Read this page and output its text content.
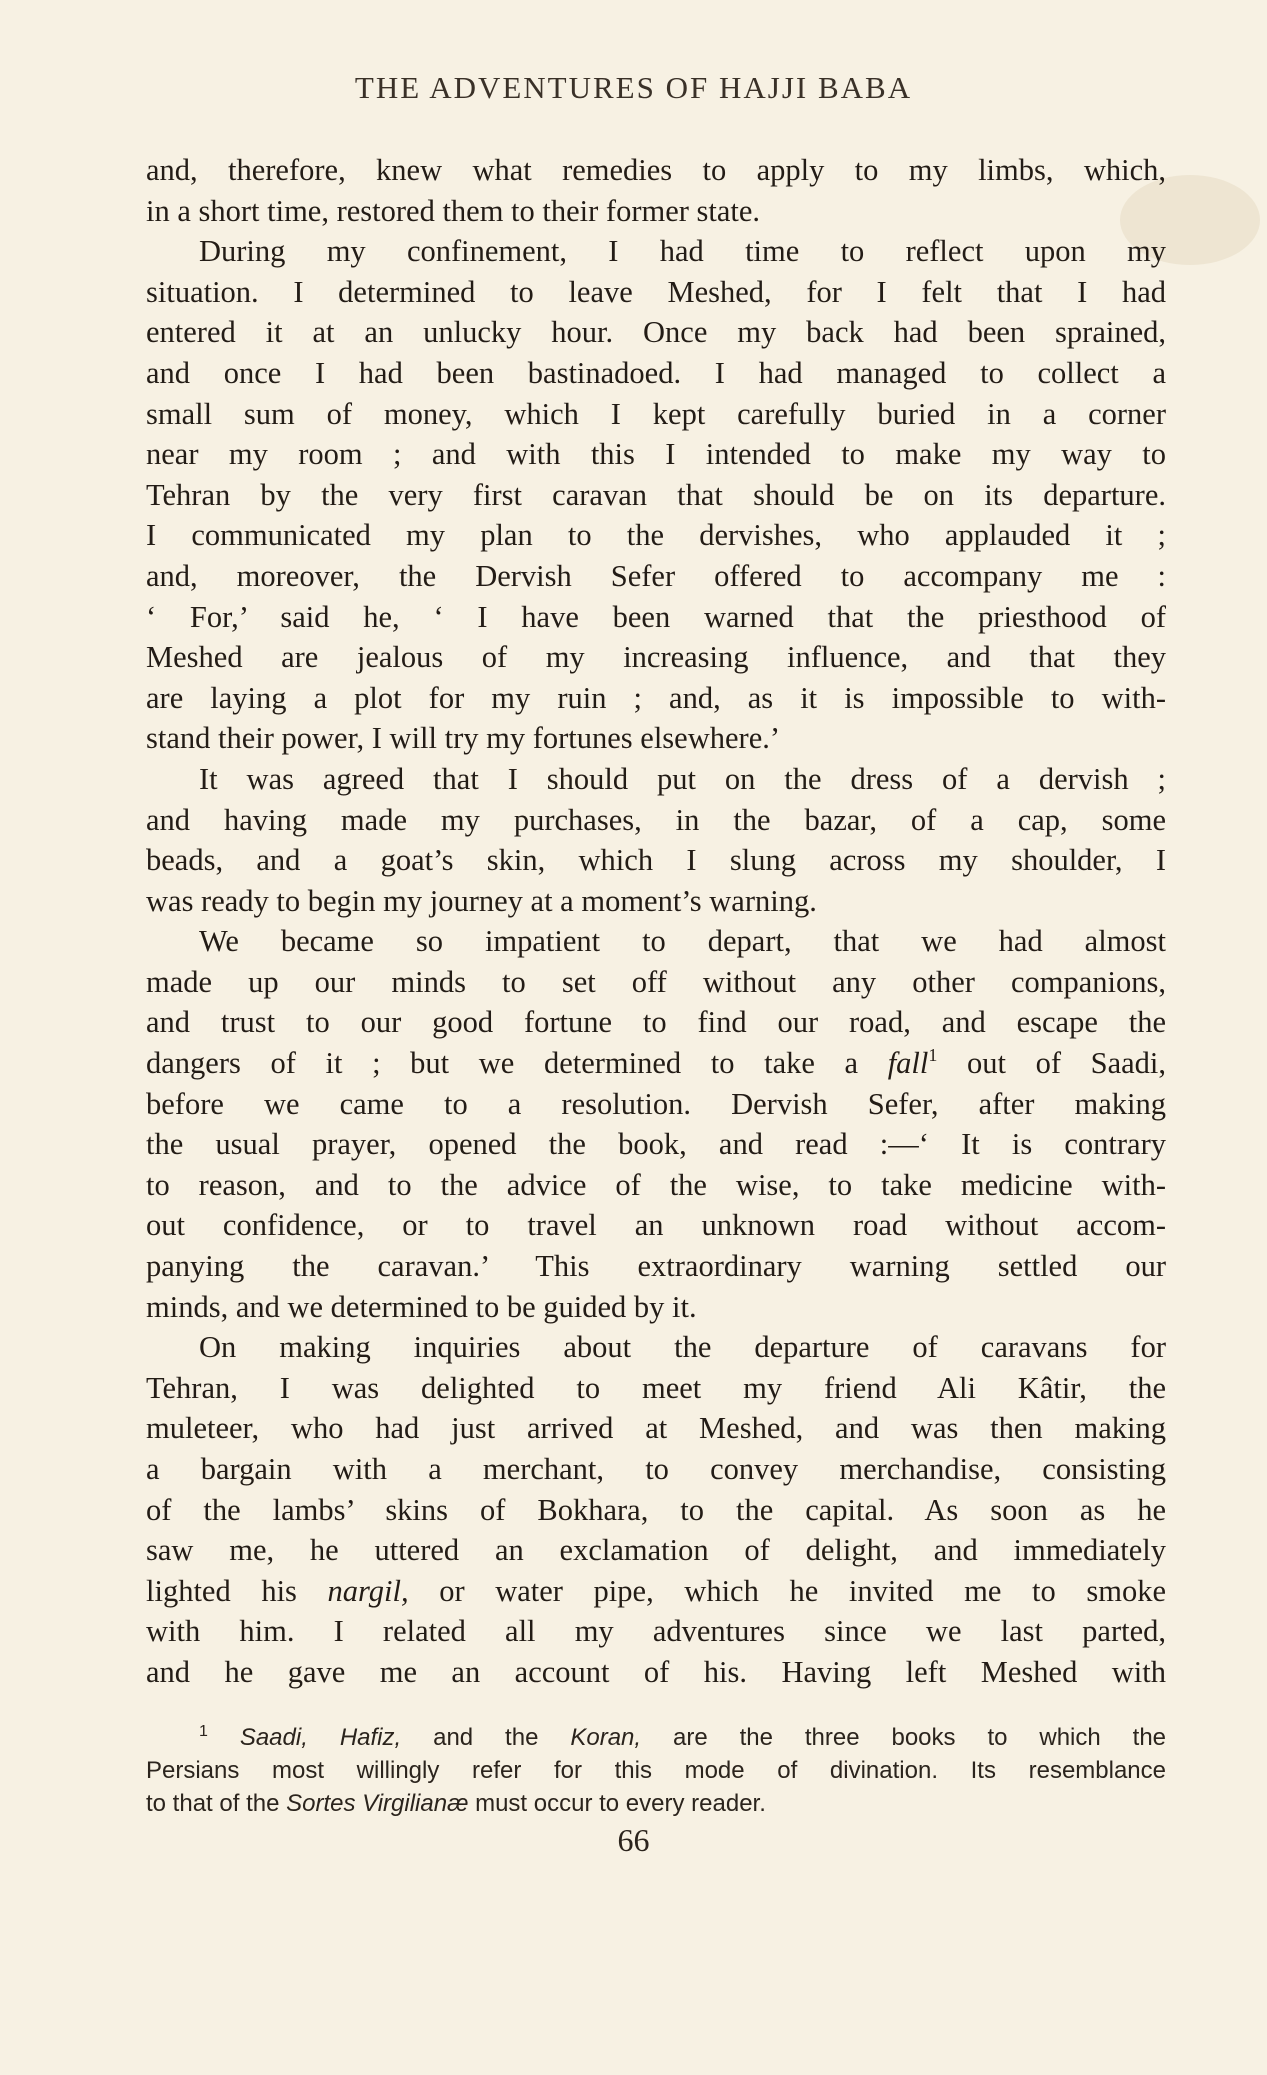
THE ADVENTURES OF HAJJI BABA
and, therefore, knew what remedies to apply to my limbs, which,
in a short time, restored them to their former state.
During my confinement, I had time to reflect upon my
situation. I determined to leave Meshed, for I felt that I had
entered it at an unlucky hour. Once my back had been sprained,
and once I had been bastinadoed. I had managed to collect a
small sum of money, which I kept carefully buried in a corner
near my room ; and with this I intended to make my way to
Tehran by the very first caravan that should be on its departure.
I communicated my plan to the dervishes, who applauded it ;
and, moreover, the Dervish Sefer offered to accompany me :
‘ For,’ said he, ‘ I have been warned that the priesthood of
Meshed are jealous of my increasing influence, and that they
are laying a plot for my ruin ; and, as it is impossible to with-
stand their power, I will try my fortunes elsewhere.’
It was agreed that I should put on the dress of a dervish ;
and having made my purchases, in the bazar, of a cap, some
beads, and a goat’s skin, which I slung across my shoulder, I
was ready to begin my journey at a moment’s warning.
We became so impatient to depart, that we had almost
made up our minds to set off without any other companions,
and trust to our good fortune to find our road, and escape the
dangers of it ; but we determined to take a fall$^1$ out of Saadi,
before we came to a resolution. Dervish Sefer, after making
the usual prayer, opened the book, and read :—‘ It is contrary
to reason, and to the advice of the wise, to take medicine with-
out confidence, or to travel an unknown road without accom-
panying the caravan.’ This extraordinary warning settled our
minds, and we determined to be guided by it.
On making inquiries about the departure of caravans for
Tehran, I was delighted to meet my friend Ali Kâtir, the
muleteer, who had just arrived at Meshed, and was then making
a bargain with a merchant, to convey merchandise, consisting
of the lambs’ skins of Bokhara, to the capital. As soon as he
saw me, he uttered an exclamation of delight, and immediately
lighted his nargil, or water pipe, which he invited me to smoke
with him. I related all my adventures since we last parted,
and he gave me an account of his. Having left Meshed with
$^1$ Saadi, Hafiz, and the Koran, are the three books to which the
Persians most willingly refer for this mode of divination. Its resemblance
to that of the Sortes Virgilianæ must occur to every reader.
66
